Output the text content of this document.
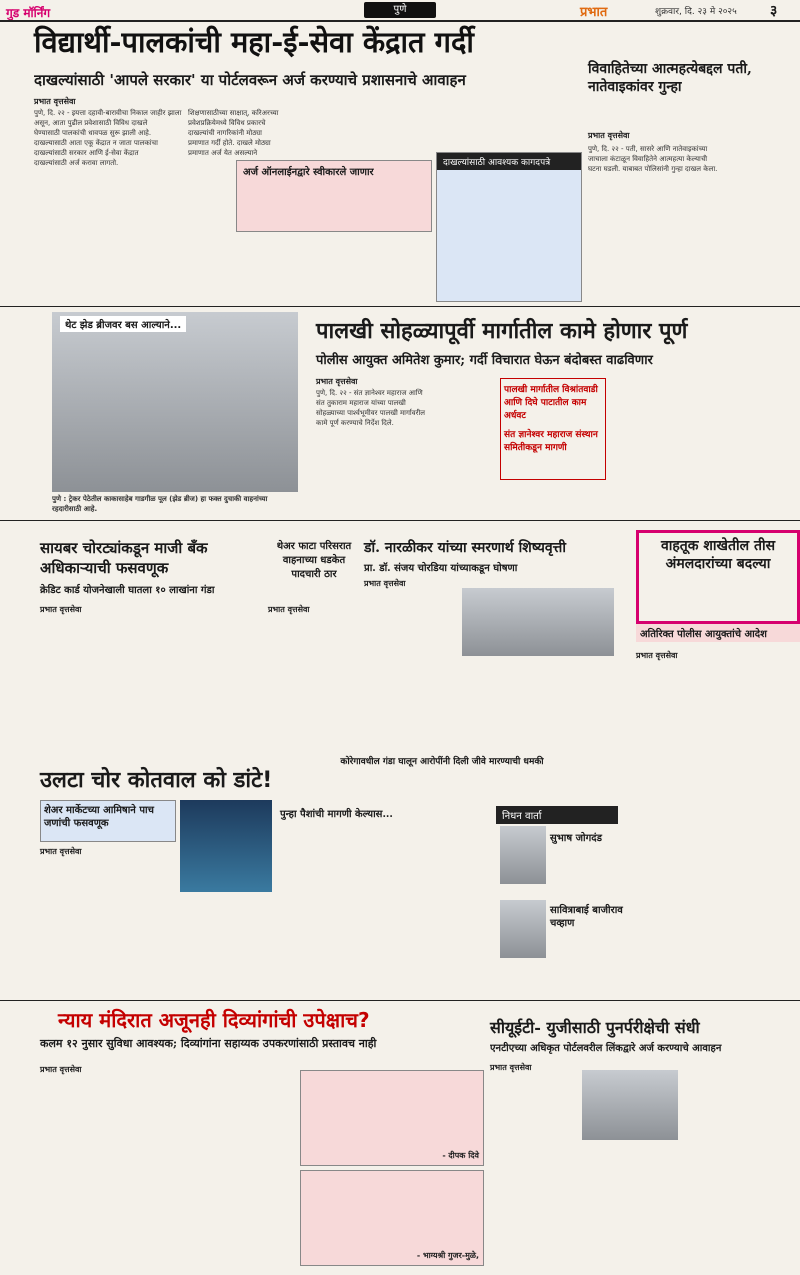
गुड मॉर्निंग	पुणे	प्रभात	शुक्रवार, दि. २३ मे २०२५ ३
विद्यार्थी-पालकांची महा-ई-सेवा केंद्रात गर्दी
दाखल्यांसाठी 'आपले सरकार' या पोर्टलवरून अर्ज करण्याचे प्रशासनाचे आवाहन
प्रभात वृत्तसेवा
पुणे, दि. २२ - इयत्ता दहावी-बारावीचा निकाल जाहीर झाला
असून, आता पुढील प्रवेशासाठी विविध दाखले
घेण्यासाठी पालकांची धावपळ सुरू झाली आहे.
दाखल्यासाठी आता एकू केंद्रात न जाता पालकांचा
दाखल्यांसाठी सरकार आणि ई-सेवा केंद्रात
दाखल्यांसाठी अर्ज करावा लागतो.
शिक्षणासाठीच्या साक्षात्, करिअरच्या
प्रवेशप्रक्रियेमध्ये विविध प्रकारचे
दाखल्यांची नागरिकांनी मोठ्या
प्रमाणात गर्दी होते. दाखले मोठ्या
प्रमाणात अर्ज येत असल्याने
अर्ज ऑनलाईनद्वारे स्वीकारले जाणार
दाखल्यांसाठी आवश्यक कागदपत्रे
विवाहितेच्या आत्महत्येबद्दल पती, नातेवाइकांवर गुन्हा
प्रभात वृत्तसेवा
पुणे, दि. २२ - पती, सासरे आणि नातेवाइकांच्या
जाचाला कंटाळून विवाहितेने आत्महत्या केल्याची
घटना घडली. याबाबत पोलिसांनी गुन्हा दाखल केला.
थेट झेड ब्रीजवर बस आल्याने...
पुणे : ट्रेकर पेठेतील काकासाहेब गाडगीळ पूल (झेड ब्रीज) हा फक्त दुचाकी वाहनांच्या रहदारीसाठी आहे.
पालखी सोहळ्यापूर्वी मार्गातील कामे होणार पूर्ण
पोलीस आयुक्त अमितेश कुमार; गर्दी विचारात घेऊन बंदोबस्त वाढविणार
प्रभात वृत्तसेवा
पुणे, दि. २२ - संत ज्ञानेश्वर महाराज आणि
संत तुकाराम महाराज यांच्या पालखी
सोहळ्याच्या पार्श्वभूमीवर पालखी मार्गावरील
कामे पूर्ण करण्याचे निर्देश दिले.
पालखी मार्गातील विश्रांतवाडी आणि दिघे पाटातील काम अर्धवट
संत ज्ञानेश्वर महाराज संस्थान समितीकडून मागणी
सायबर चोरट्यांकडून माजी बँक अधिकाऱ्याची फसवणूक
क्रेडिट कार्ड योजनेखाली घातला १० लाखांना गंडा
प्रभात वृत्तसेवा
थेअर फाटा परिसरात वाहनाच्या धडकेत पादचारी ठार
प्रभात वृत्तसेवा
डॉ. नारळीकर यांच्या स्मरणार्थ शिष्यवृत्ती
प्रा. डॉ. संजय चोरडिया यांच्याकडून घोषणा
प्रभात वृत्तसेवा
वाहतूक शाखेतील तीस अंमलदारांच्या बदल्या
अतिरिक्त पोलीस आयुक्तांचे आदेश
प्रभात वृत्तसेवा
उलटा चोर कोतवाल को डांटे!
कोरेगावधील गंडा घालून आरोपींनी दिली जीवे मारण्याची धमकी
शेअर मार्केटच्या आमिषाने पाच जणांची फसवणूक
प्रभात वृत्तसेवा
पुन्हा पैशांची मागणी केल्यास...	निधन वार्ता
सुभाष जोगदंड
सावित्राबाई बाजीराव चव्हाण
न्याय मंदिरात अजूनही दिव्यांगांची उपेक्षाच?
कलम १२ नुसार सुविधा आवश्यक; दिव्यांगांना सहाय्यक उपकरणांसाठी प्रस्तावच नाही
प्रभात वृत्तसेवा
- दीपक दिवे
- भाग्यश्री गुजर-मुळे,
सीयूईटी- युजीसाठी पुनर्परीक्षेची संधी
एनटीएच्या अधिकृत पोर्टलवरील लिंकद्वारे अर्ज करण्याचे आवाहन
प्रभात वृत्तसेवा
